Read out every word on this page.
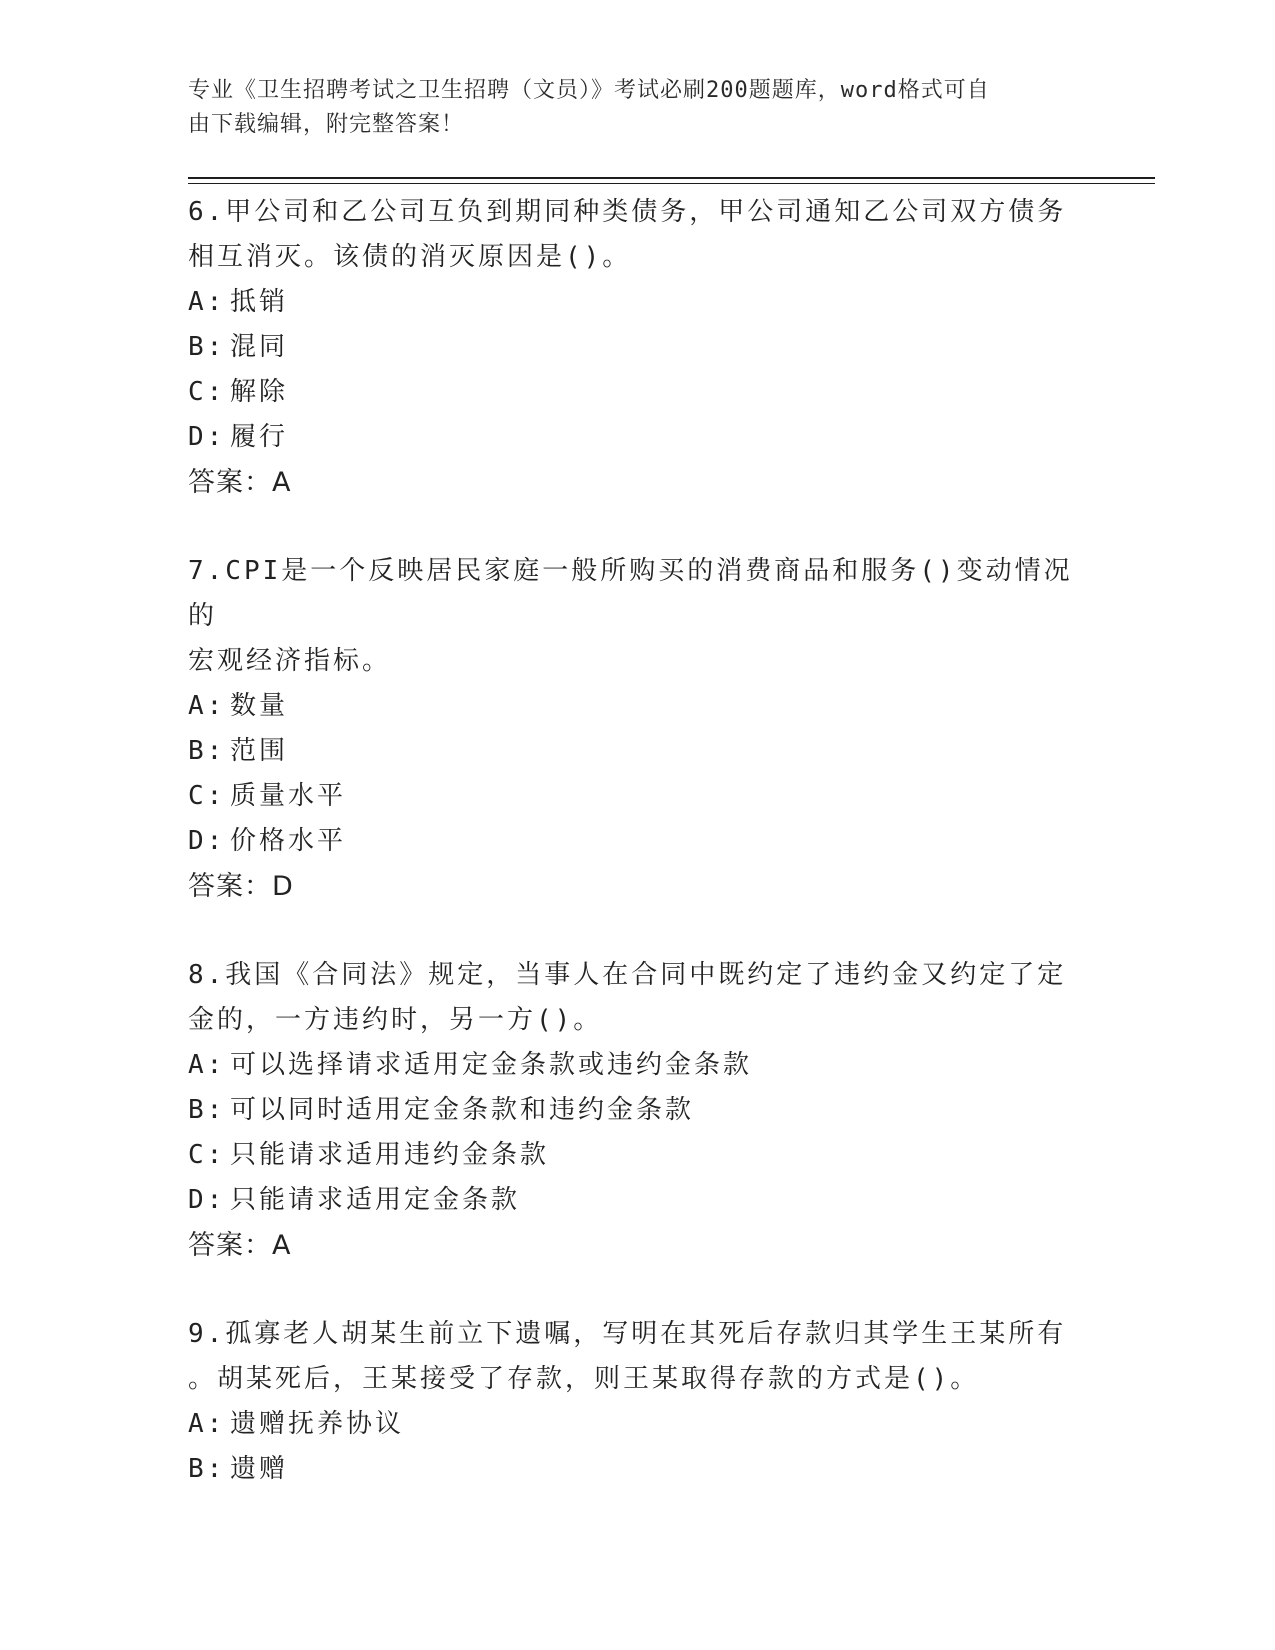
专业《卫生招聘考试之卫生招聘（文员）》考试必刷200题题库，word格式可自
由下载编辑，附完整答案！
6.甲公司和乙公司互负到期同种类债务，甲公司通知乙公司双方债务
相互消灭。该债的消灭原因是()。
A: 抵销
B: 混同
C: 解除
D: 履行
答案：A
7.CPI是一个反映居民家庭一般所购买的消费商品和服务()变动情况的
宏观经济指标。
A: 数量
B: 范围
C: 质量水平
D: 价格水平
答案：D
8.我国《合同法》规定，当事人在合同中既约定了违约金又约定了定
金的，一方违约时，另一方()。
A: 可以选择请求适用定金条款或违约金条款
B: 可以同时适用定金条款和违约金条款
C: 只能请求适用违约金条款
D: 只能请求适用定金条款
答案：A
9.孤寡老人胡某生前立下遗嘱，写明在其死后存款归其学生王某所有
。胡某死后，王某接受了存款，则王某取得存款的方式是()。
A: 遗赠抚养协议
B: 遗赠
